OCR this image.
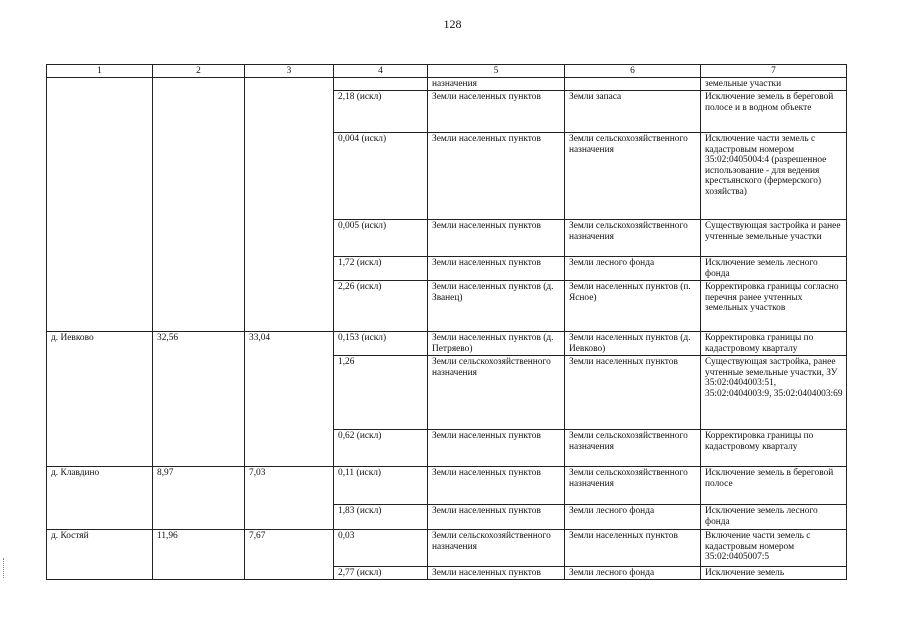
128
1	2	3	4	5	6	7
				назначения		земельные участки
			2,18 (искл)	Земли населенных пунктов	Земли запаса	Исключение земель в береговой полосе и в водном объекте
			0,004 (искл)	Земли населенных пунктов	Земли сельскохозяйственного назначения	Исключение части земель с кадастровым номером 35:02:0405004:4 (разрешенное использование - для ведения крестьянского (фермерского) хозяйства)
			0,005 (искл)	Земли населенных пунктов	Земли сельскохозяйственного назначения	Существующая застройка и ранее учтенные земельные участки
			1,72 (искл)	Земли населенных пунктов	Земли лесного фонда	Исключение земель лесного фонда
			2,26 (искл)	Земли населенных пунктов (д. Званец)	Земли населенных пунктов (п. Ясное)	Корректировка границы согласно перечня ранее учтенных земельных участков
д. Иевково	32,56	33,04	0,153 (искл)	Земли населенных пунктов (д. Петряево)	Земли населенных пунктов (д. Иевково)	Корректировка границы по кадастровому кварталу
			1,26	Земли сельскохозяйственного назначения	Земли населенных пунктов	Существующая застройка, ранее учтенные земельные участки, ЗУ 35:02:0404003:51, 35:02:0404003:9, 35:02:0404003:69
			0,62 (искл)	Земли населенных пунктов	Земли сельскохозяйственного назначения	Корректировка границы по кадастровому кварталу
д. Клавдино	8,97	7,03	0,11 (искл)	Земли населенных пунктов	Земли сельскохозяйственного назначения	Исключение земель в береговой полосе
			1,83 (искл)	Земли населенных пунктов	Земли лесного фонда	Исключение земель лесного фонда
д. Костяй	11,96	7,67	0,03	Земли сельскохозяйственного назначения	Земли населенных пунктов	Включение части земель с кадастровым номером 35:02:0405007:5
			2,77 (искл)	Земли населенных пунктов	Земли лесного фонда	Исключение земель
